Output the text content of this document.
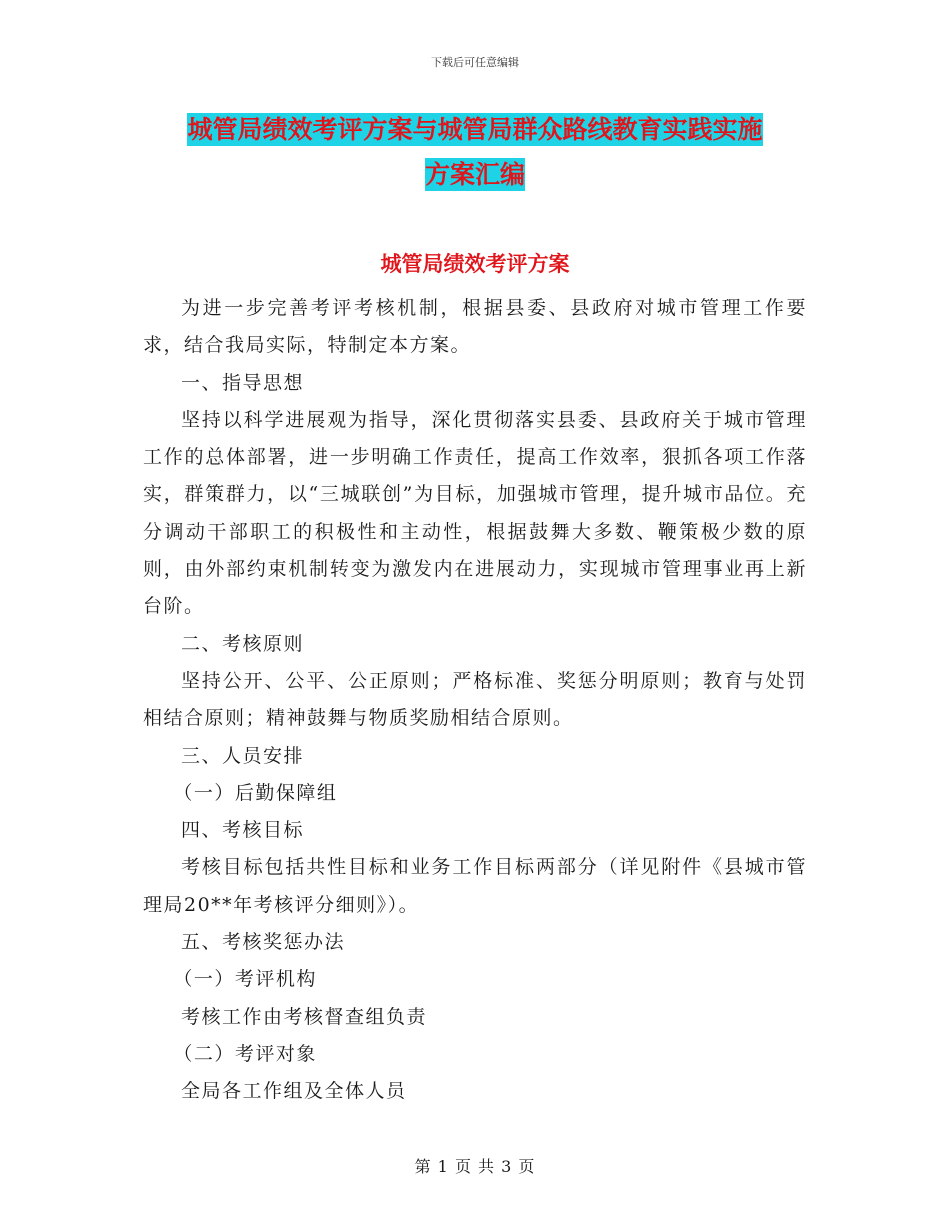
下载后可任意编辑
城管局绩效考评方案与城管局群众路线教育实践实施
方案汇编
城管局绩效考评方案

为进一步完善考评考核机制，根据县委、县政府对城市管理工作要求，结合我局实际，特制定本方案。

一、指导思想

坚持以科学进展观为指导，深化贯彻落实县委、县政府关于城市管理工作的总体部署，进一步明确工作责任，提高工作效率，狠抓各项工作落实，群策群力，以“三城联创”为目标，加强城市管理，提升城市品位。充分调动干部职工的积极性和主动性，根据鼓舞大多数、鞭策极少数的原则，由外部约束机制转变为激发内在进展动力，实现城市管理事业再上新台阶。

二、考核原则

坚持公开、公平、公正原则；严格标准、奖惩分明原则；教育与处罚相结合原则；精神鼓舞与物质奖励相结合原则。

三、人员安排

（一）后勤保障组

四、考核目标

考核目标包括共性目标和业务工作目标两部分（详见附件《县城市管理局20**年考核评分细则》）。

五、考核奖惩办法

（一）考评机构

考核工作由考核督查组负责

（二）考评对象

全局各工作组及全体人员

第 1 页 共 3 页
